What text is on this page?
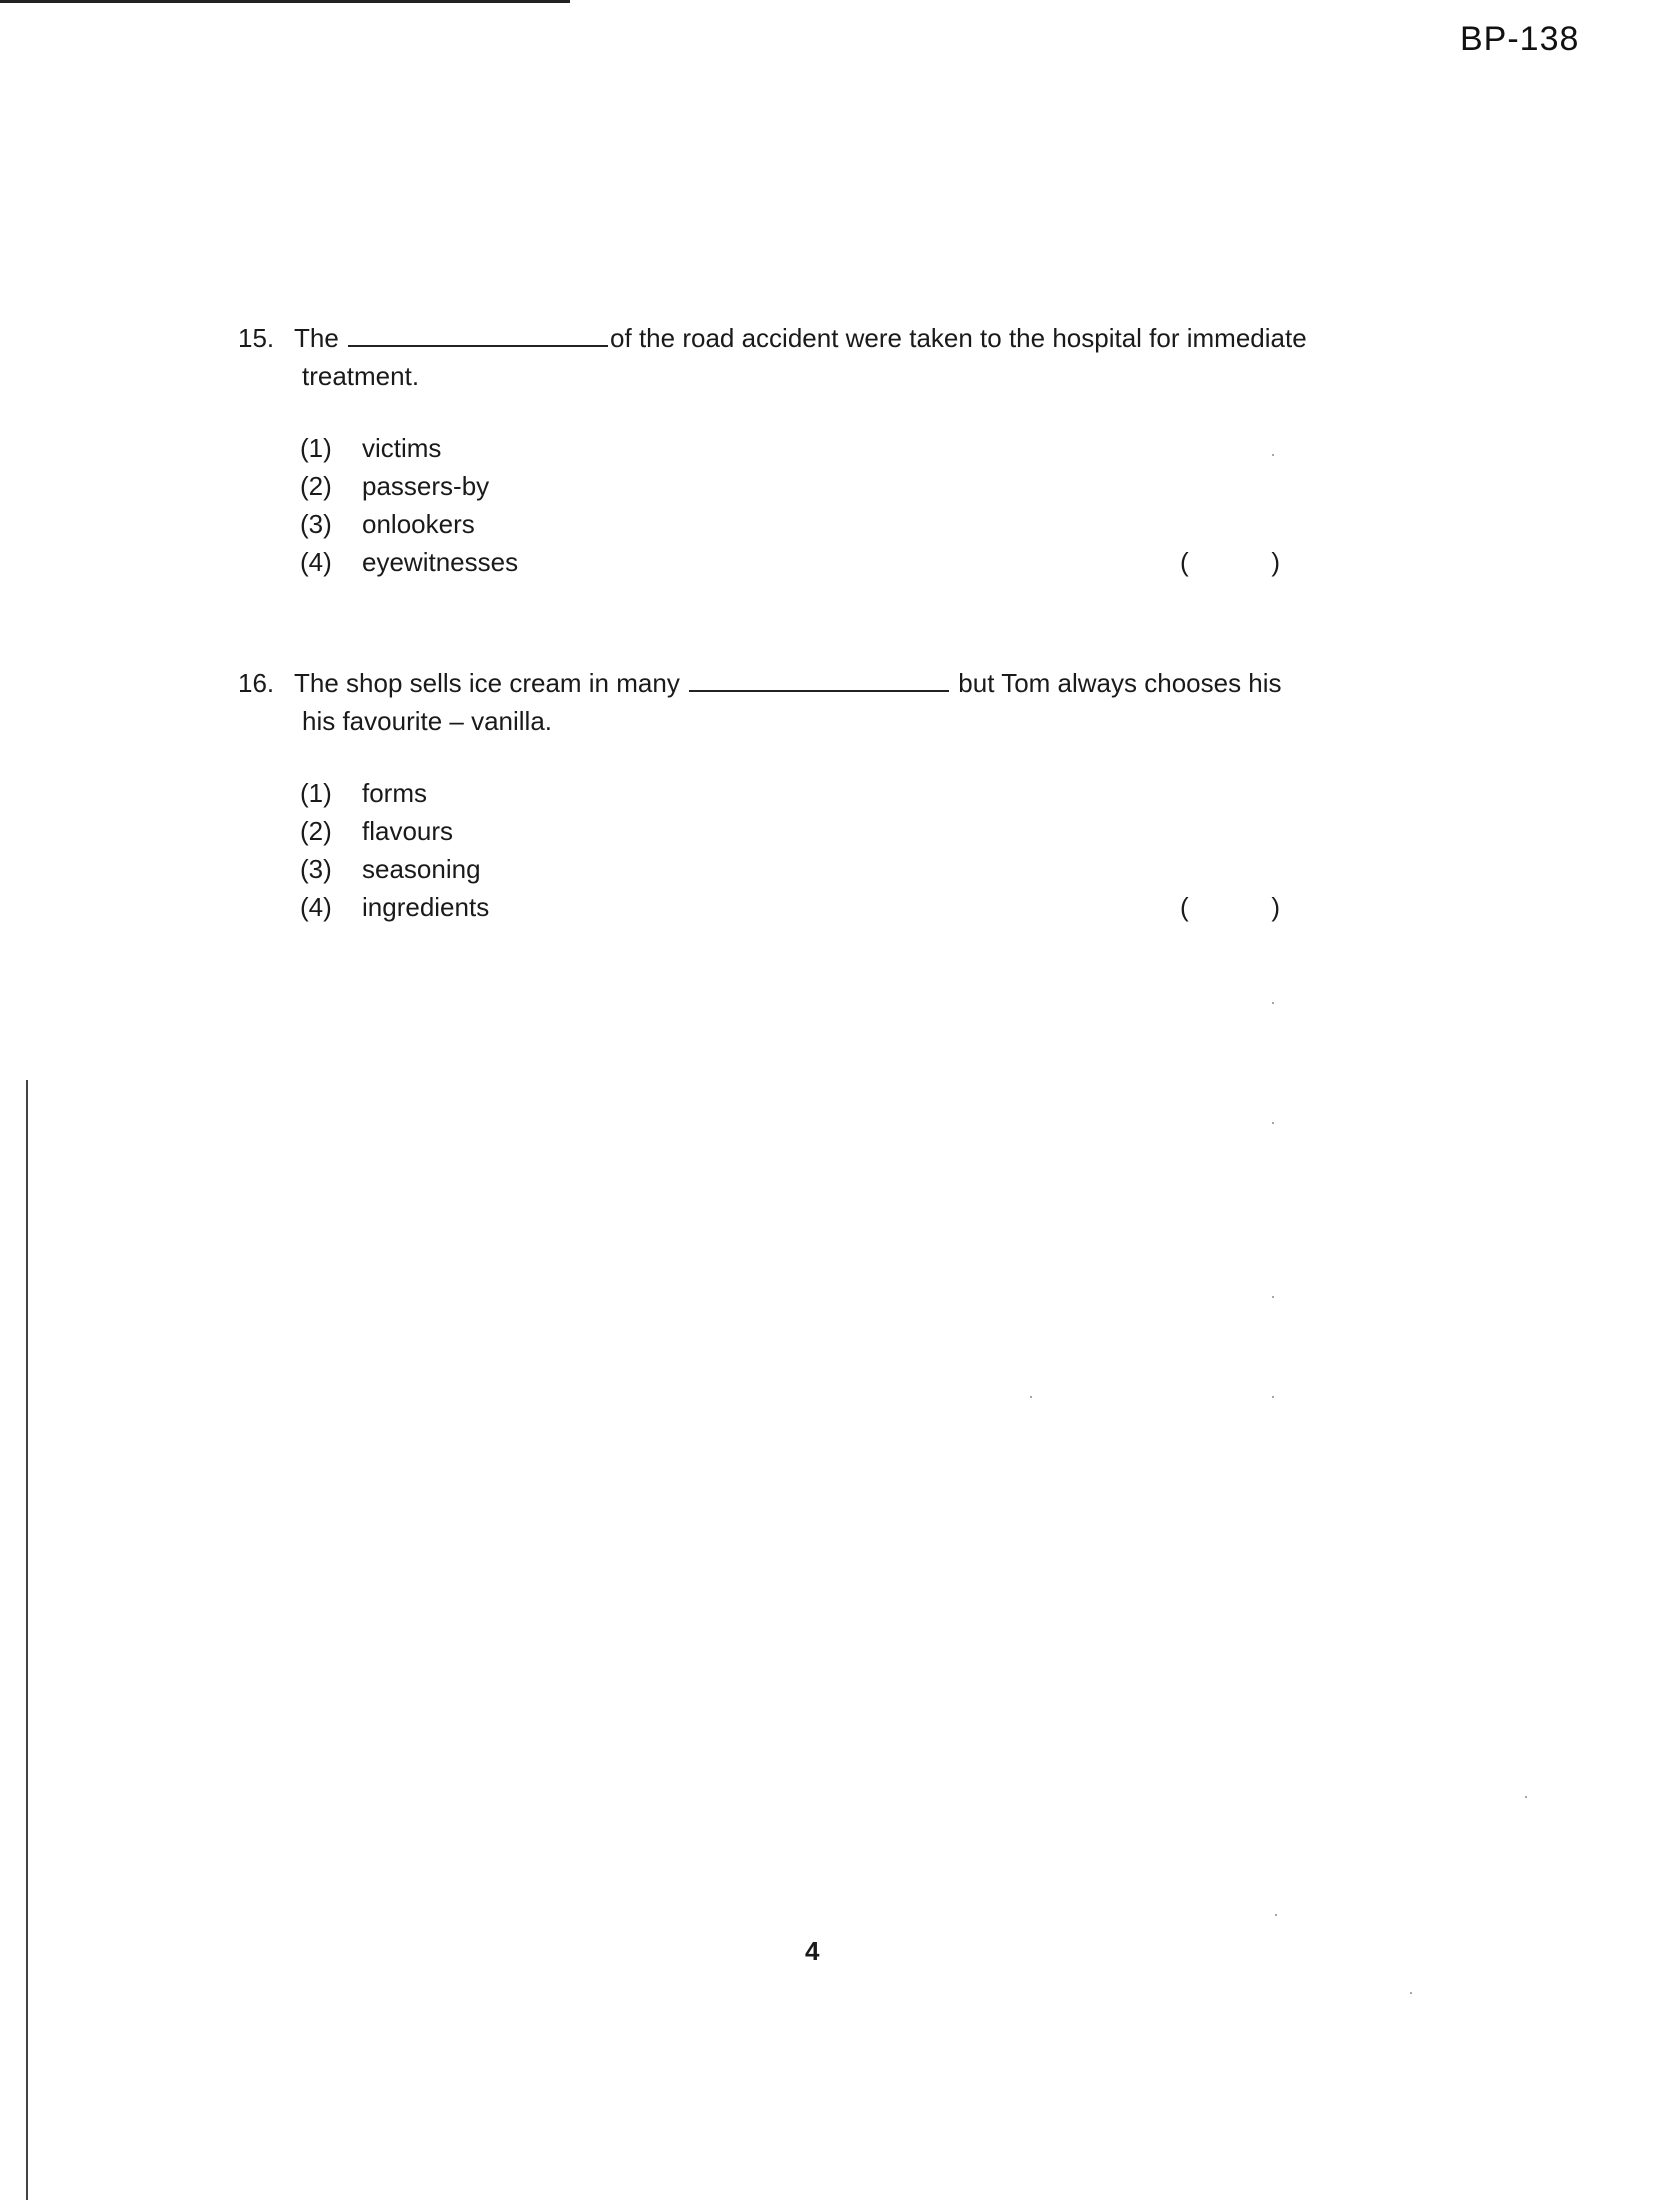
BP-138
15. The	of the road accident were taken to the hospital for immediate
treatment.
(1) victims
(2) passers-by
(3) onlookers
(4) eyewitnesses	(	)
16. The shop sells ice cream in many	but Tom always chooses his
his favourite – vanilla.
(1) forms
(2) flavours
(3) seasoning
(4) ingredients	(	)
4
